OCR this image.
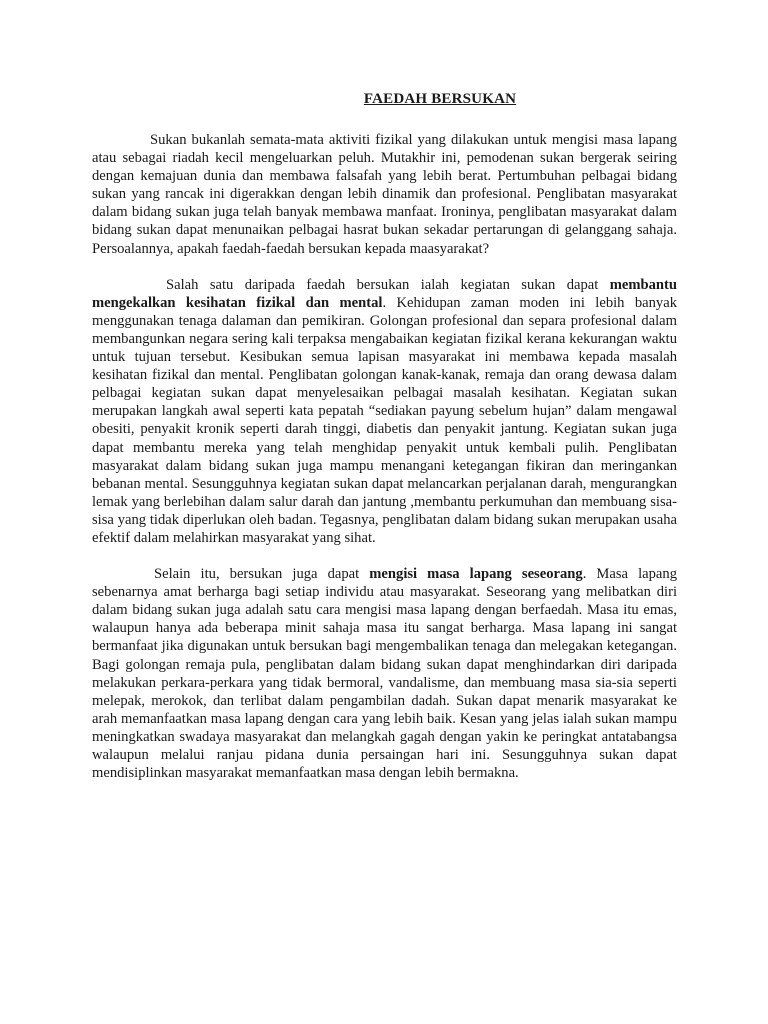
FAEDAH BERSUKAN

Sukan bukanlah semata-mata aktiviti fizikal yang dilakukan untuk mengisi masa lapang atau sebagai riadah kecil mengeluarkan peluh. Mutakhir ini, pemodenan sukan bergerak seiring dengan kemajuan dunia dan membawa falsafah yang lebih berat. Pertumbuhan pelbagai bidang sukan yang rancak ini digerakkan dengan lebih dinamik dan profesional. Penglibatan masyarakat dalam bidang sukan juga telah banyak membawa manfaat. Ironinya, penglibatan masyarakat dalam bidang sukan dapat menunaikan pelbagai hasrat bukan sekadar pertarungan di gelanggang sahaja. Persoalannya, apakah faedah-faedah bersukan kepada maasyarakat?

Salah satu daripada faedah bersukan ialah kegiatan sukan dapat membantu mengekalkan kesihatan fizikal dan mental. Kehidupan zaman moden ini lebih banyak menggunakan tenaga dalaman dan pemikiran. Golongan profesional dan separa profesional dalam membangunkan negara sering kali terpaksa mengabaikan kegiatan fizikal kerana kekurangan waktu untuk tujuan tersebut. Kesibukan semua lapisan masyarakat ini membawa kepada masalah kesihatan fizikal dan mental. Penglibatan golongan kanak-kanak, remaja dan orang dewasa dalam pelbagai kegiatan sukan dapat menyelesaikan pelbagai masalah kesihatan. Kegiatan sukan merupakan langkah awal seperti kata pepatah “sediakan payung sebelum hujan” dalam mengawal obesiti, penyakit kronik seperti darah tinggi, diabetis dan penyakit jantung. Kegiatan sukan juga dapat membantu mereka yang telah menghidap penyakit untuk kembali pulih. Penglibatan masyarakat dalam bidang sukan juga mampu menangani ketegangan fikiran dan meringankan bebanan mental. Sesungguhnya kegiatan sukan dapat melancarkan perjalanan darah, mengurangkan lemak yang berlebihan dalam salur darah dan jantung ,membantu perkumuhan dan membuang sisa-sisa yang tidak diperlukan oleh badan. Tegasnya, penglibatan dalam bidang sukan merupakan usaha efektif dalam melahirkan masyarakat yang sihat.

Selain itu, bersukan juga dapat mengisi masa lapang seseorang. Masa lapang sebenarnya amat berharga bagi setiap individu atau masyarakat. Seseorang yang melibatkan diri dalam bidang sukan juga adalah satu cara mengisi masa lapang dengan berfaedah. Masa itu emas, walaupun hanya ada beberapa minit sahaja masa itu sangat berharga. Masa lapang ini sangat bermanfaat jika digunakan untuk bersukan bagi mengembalikan tenaga dan melegakan ketegangan. Bagi golongan remaja pula, penglibatan dalam bidang sukan dapat menghindarkan diri daripada melakukan perkara-perkara yang tidak bermoral, vandalisme, dan membuang masa sia-sia seperti melepak, merokok, dan terlibat dalam pengambilan dadah. Sukan dapat menarik masyarakat ke arah memanfaatkan masa lapang dengan cara yang lebih baik. Kesan yang jelas ialah sukan mampu meningkatkan swadaya masyarakat dan melangkah gagah dengan yakin ke peringkat antatabangsa walaupun melalui ranjau pidana dunia persaingan hari ini. Sesungguhnya sukan dapat mendisiplinkan masyarakat memanfaatkan masa dengan lebih bermakna.
